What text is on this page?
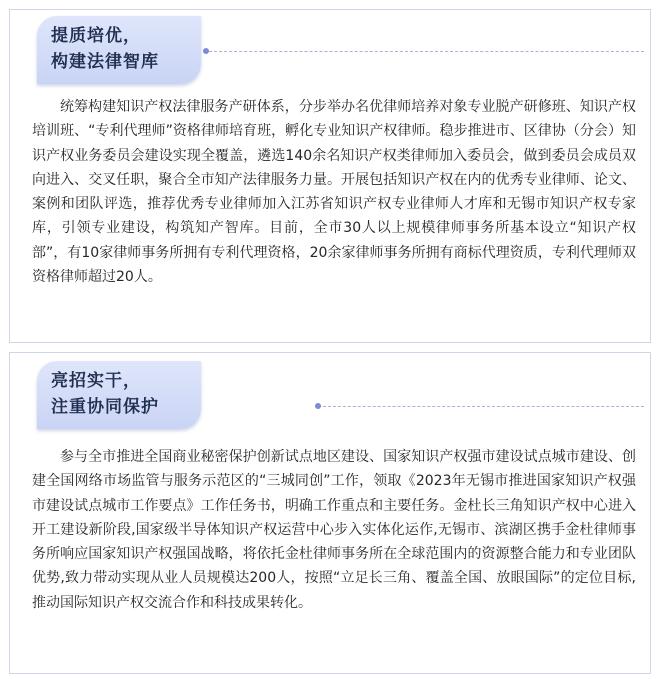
提质培优，
构建法律智库

统筹构建知识产权法律服务产研体系，分步举办名优律师培养对象专业脱产研修班、知识产权培训班、“专利代理师”资格律师培育班，孵化专业知识产权律师。稳步推进市、区律协（分会）知识产权业务委员会建设实现全覆盖，遴选140余名知识产权类律师加入委员会，做到委员会成员双向进入、交叉任职，聚合全市知产法律服务力量。开展包括知识产权在内的优秀专业律师、论文、案例和团队评选，推荐优秀专业律师加入江苏省知识产权专业律师人才库和无锡市知识产权专家库，引领专业建设，构筑知产智库。目前，全市30人以上规模律师事务所基本设立“知识产权部”，有10家律师事务所拥有专利代理资格，20余家律师事务所拥有商标代理资质，专利代理师双资格律师超过20人。

亮招实干，
注重协同保护

参与全市推进全国商业秘密保护创新试点地区建设、国家知识产权强市建设试点城市建设、创建全国网络市场监管与服务示范区的“三城同创”工作，领取《2023年无锡市推进国家知识产权强市建设试点城市工作要点》工作任务书，明确工作重点和主要任务。金杜长三角知识产权中心进入开工建设新阶段,国家级半导体知识产权运营中心步入实体化运作,无锡市、滨湖区携手金杜律师事务所响应国家知识产权强国战略，将依托金杜律师事务所在全球范围内的资源整合能力和专业团队优势,致力带动实现从业人员规模达200人，按照“立足长三角、覆盖全国、放眼国际”的定位目标,推动国际知识产权交流合作和科技成果转化。
